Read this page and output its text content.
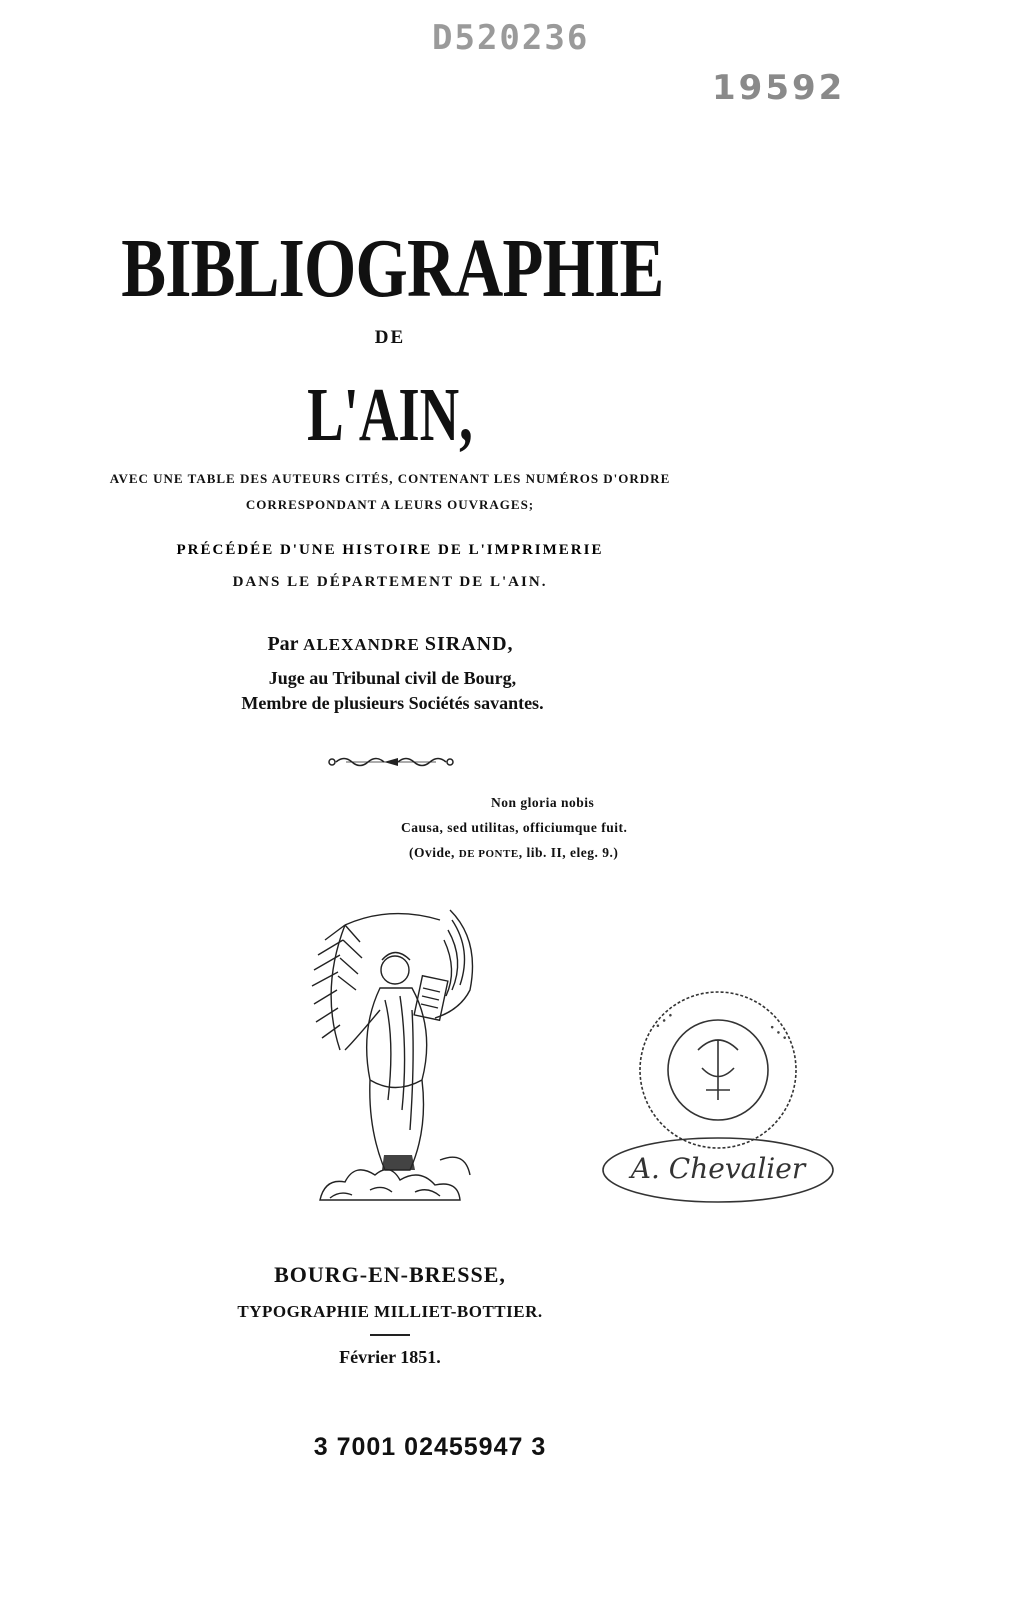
D520236
19592
BIBLIOGRAPHIE
DE
L'AIN,
AVEC UNE TABLE DES AUTEURS CITÉS, CONTENANT LES NUMÉROS D'ORDRE
CORRESPONDANT A LEURS OUVRAGES;
PRÉCÉDÉE D'UNE HISTOIRE DE L'IMPRIMERIE
DANS LE DÉPARTEMENT DE L'AIN.
Par ALEXANDRE SIRAND,
Juge au Tribunal civil de Bourg,
Membre de plusieurs Sociétés savantes.
Non gloria nobis
Causa, sed utilitas, officiumque fuit.
(Ovide, DE PONTE, lib. II, eleg. 9.)
• • •
• • •
A. Chevalier
BOURG-EN-BRESSE,
TYPOGRAPHIE MILLIET-BOTTIER.
Février 1851.
3 7001 02455947 3
